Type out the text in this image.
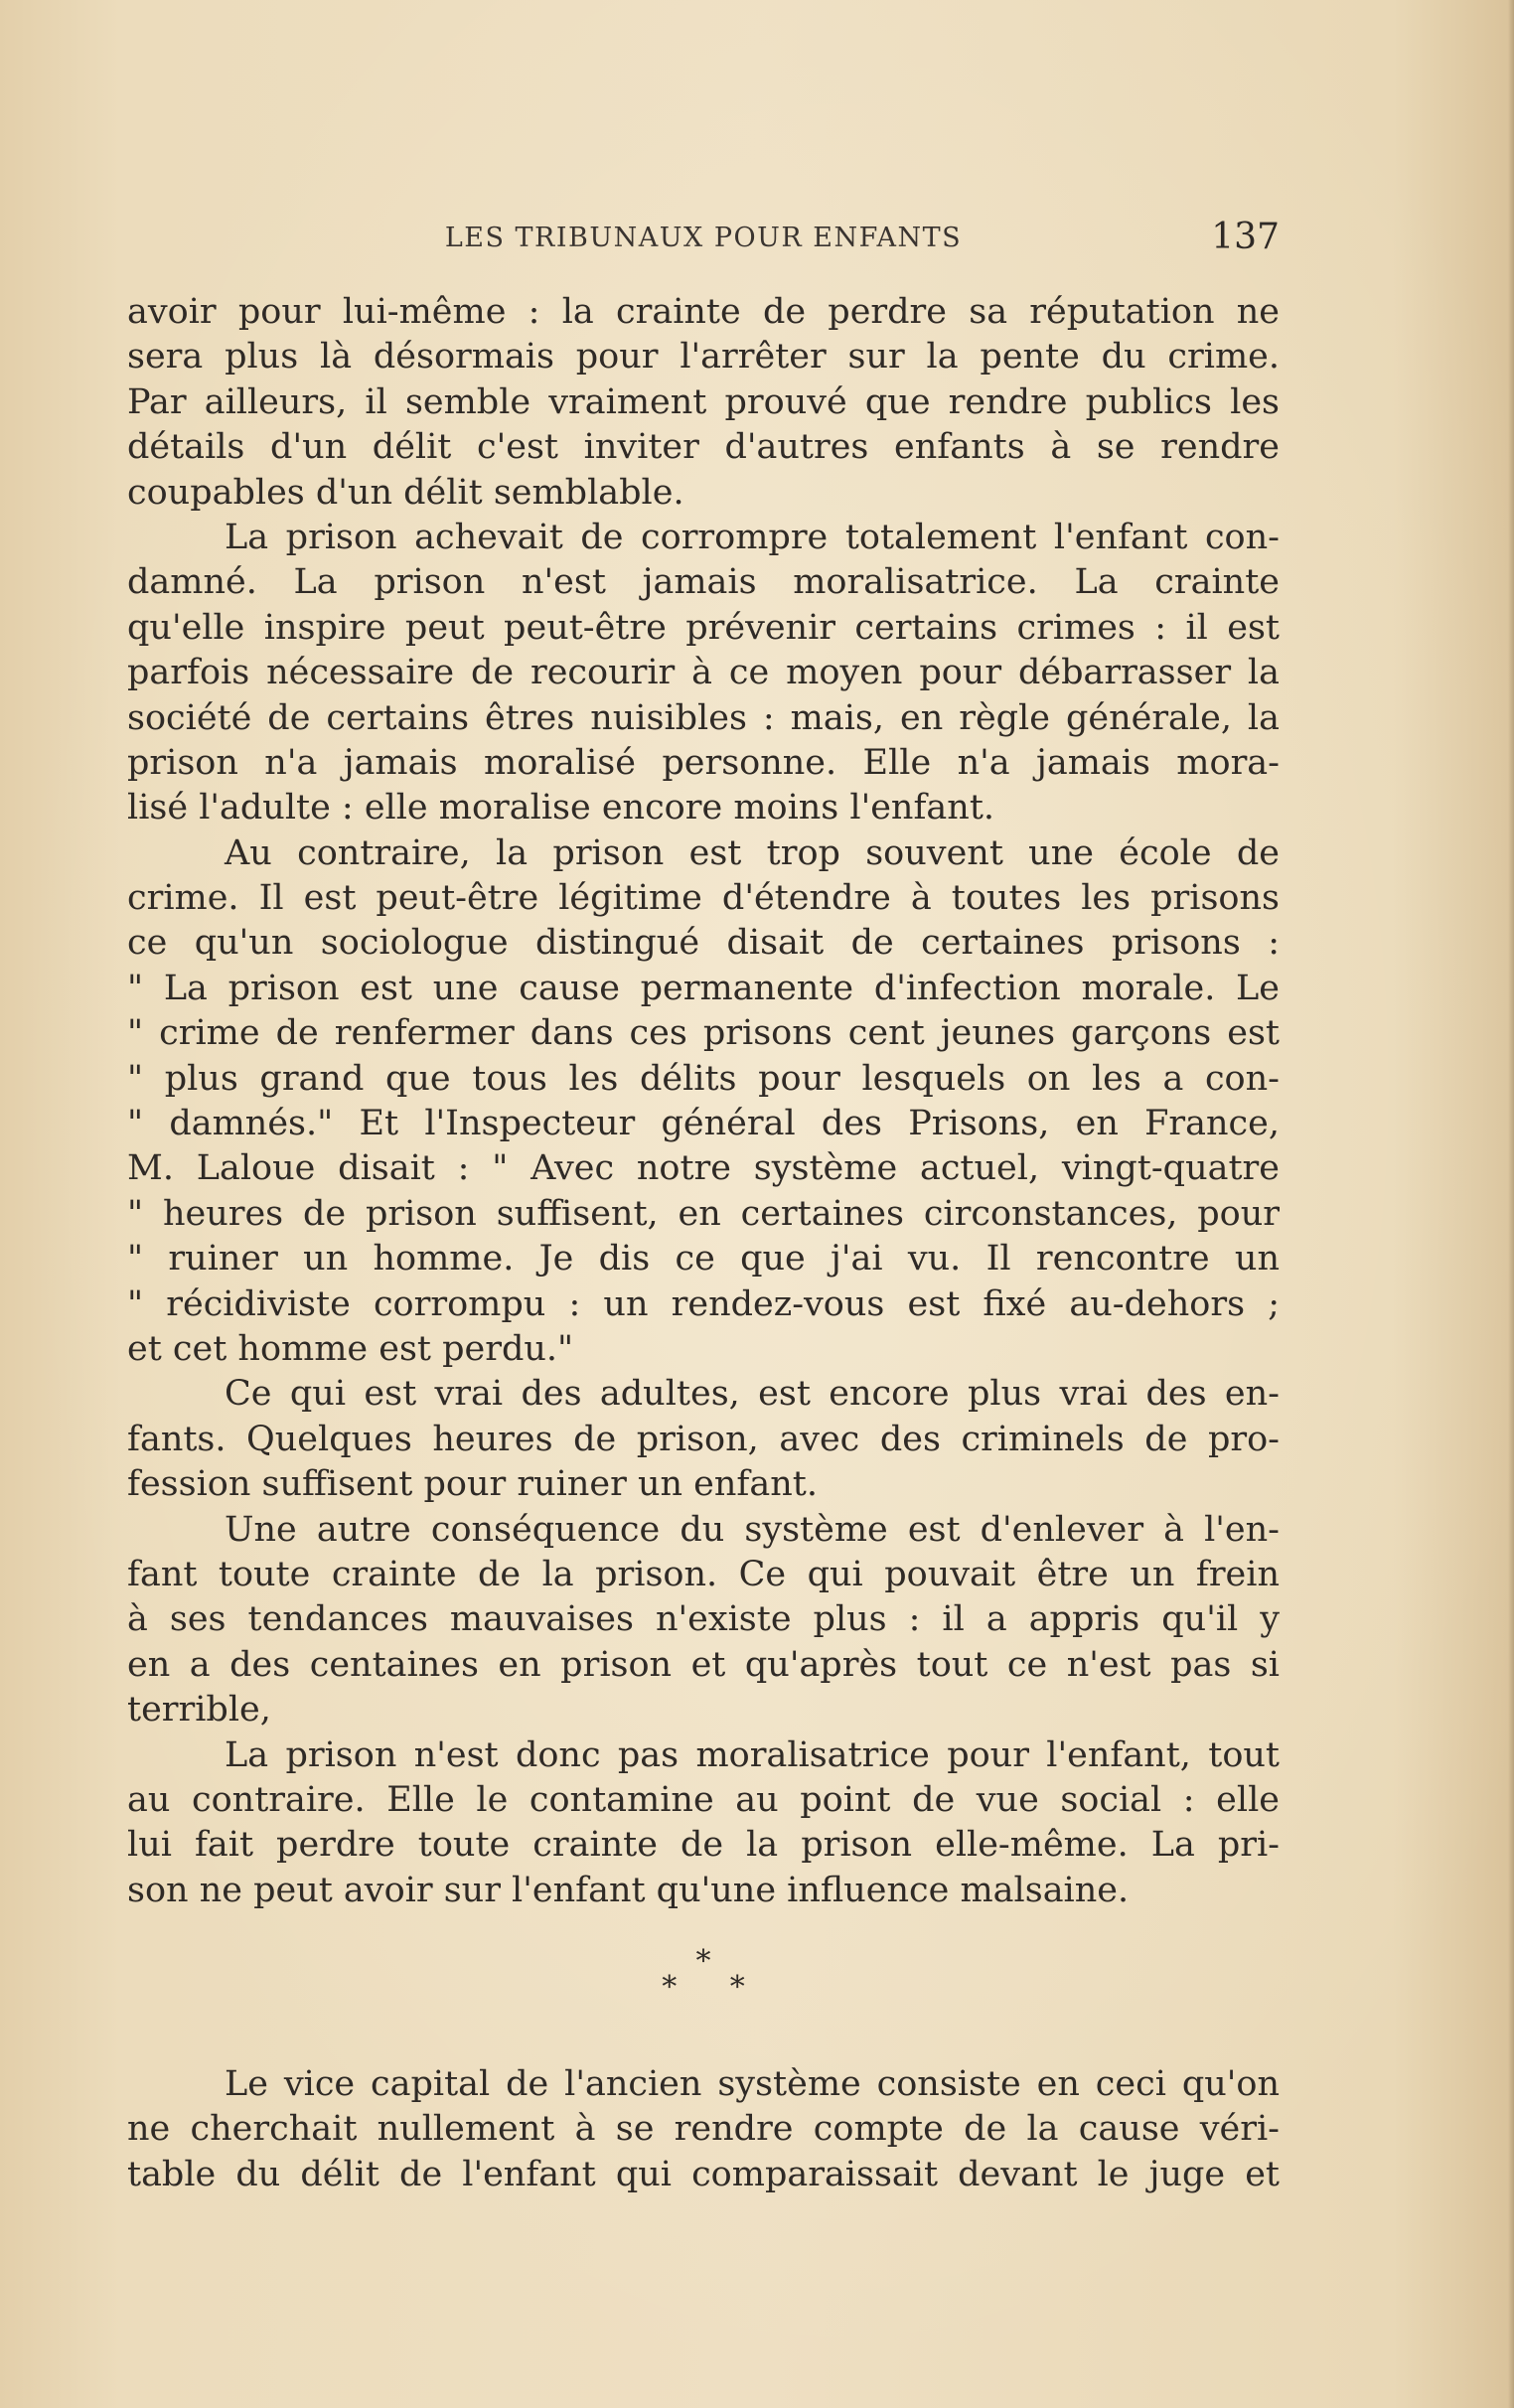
LES TRIBUNAUX POUR ENFANTS	137
avoir pour lui-même : la crainte de perdre sa réputation ne
sera plus là désormais pour l'arrêter sur la pente du crime.
Par ailleurs, il semble vraiment prouvé que rendre publics les
détails d'un délit c'est inviter d'autres enfants à se rendre
coupables d'un délit semblable.
La prison achevait de corrompre totalement l'enfant con-
damné. La prison n'est jamais moralisatrice. La crainte
qu'elle inspire peut peut-être prévenir certains crimes : il est
parfois nécessaire de recourir à ce moyen pour débarrasser la
société de certains êtres nuisibles : mais, en règle générale, la
prison n'a jamais moralisé personne. Elle n'a jamais mora-
lisé l'adulte : elle moralise encore moins l'enfant.
Au contraire, la prison est trop souvent une école de
crime. Il est peut-être légitime d'étendre à toutes les prisons
ce qu'un sociologue distingué disait de certaines prisons :
" La prison est une cause permanente d'infection morale. Le
" crime de renfermer dans ces prisons cent jeunes garçons est
" plus grand que tous les délits pour lesquels on les a con-
" damnés." Et l'Inspecteur général des Prisons, en France,
M. Laloue disait : " Avec notre système actuel, vingt-quatre
" heures de prison suffisent, en certaines circonstances, pour
" ruiner un homme. Je dis ce que j'ai vu. Il rencontre un
" récidiviste corrompu : un rendez-vous est fixé au-dehors ;
et cet homme est perdu."
Ce qui est vrai des adultes, est encore plus vrai des en-
fants. Quelques heures de prison, avec des criminels de pro-
fession suffisent pour ruiner un enfant.
Une autre conséquence du système est d'enlever à l'en-
fant toute crainte de la prison. Ce qui pouvait être un frein
à ses tendances mauvaises n'existe plus : il a appris qu'il y
en a des centaines en prison et qu'après tout ce n'est pas si
terrible,
La prison n'est donc pas moralisatrice pour l'enfant, tout
au contraire. Elle le contamine au point de vue social : elle
lui fait perdre toute crainte de la prison elle-même. La pri-
son ne peut avoir sur l'enfant qu'une influence malsaine.
*
* *
Le vice capital de l'ancien système consiste en ceci qu'on
ne cherchait nullement à se rendre compte de la cause véri-
table du délit de l'enfant qui comparaissait devant le juge et
